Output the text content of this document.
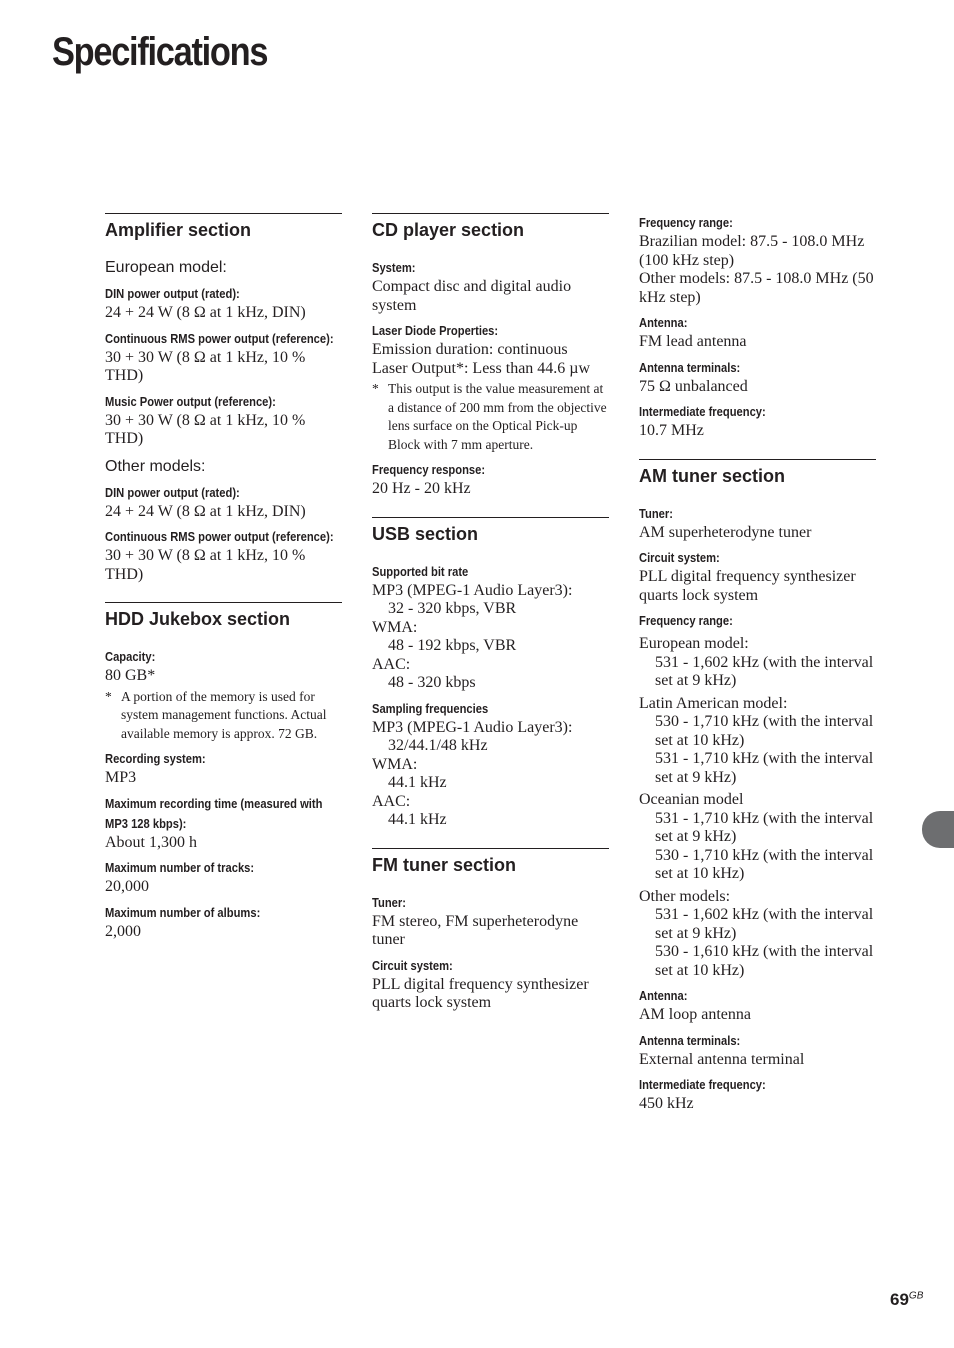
Specifications
Amplifier section
European model:
DIN power output (rated):
24 + 24 W (8 Ω at 1 kHz, DIN)
Continuous RMS power output (reference):
30 + 30 W (8 Ω at 1 kHz, 10 % THD)
Music Power output (reference):
30 + 30 W (8 Ω at 1 kHz, 10 % THD)
Other models:
DIN power output (rated):
24 + 24 W (8 Ω at 1 kHz, DIN)
Continuous RMS power output (reference):
30 + 30 W (8 Ω at 1 kHz, 10 % THD)
HDD Jukebox section
Capacity:
80 GB*
* A portion of the memory is used for system management functions. Actual available memory is approx. 72 GB.
Recording system:
MP3
Maximum recording time (measured with MP3 128 kbps):
About 1,300 h
Maximum number of tracks:
20,000
Maximum number of albums:
2,000
CD player section
System:
Compact disc and digital audio system
Laser Diode Properties:
Emission duration: continuous
Laser Output*: Less than 44.6 µw
* This output is the value measurement at a distance of 200 mm from the objective lens surface on the Optical Pick-up Block with 7 mm aperture.
Frequency response:
20 Hz - 20 kHz
USB section
Supported bit rate
MP3 (MPEG-1 Audio Layer3):
32 - 320 kbps, VBR
WMA:
48 - 192 kbps, VBR
AAC:
48 - 320 kbps
Sampling frequencies
MP3 (MPEG-1 Audio Layer3):
32/44.1/48 kHz
WMA:
44.1 kHz
AAC:
44.1 kHz
FM tuner section
Tuner:
FM stereo, FM superheterodyne tuner
Circuit system:
PLL digital frequency synthesizer quarts lock system
Frequency range:
Brazilian model: 87.5 - 108.0 MHz (100 kHz step)
Other models: 87.5 - 108.0 MHz (50 kHz step)
Antenna:
FM lead antenna
Antenna terminals:
75 Ω unbalanced
Intermediate frequency:
10.7 MHz
AM tuner section
Tuner:
AM superheterodyne tuner
Circuit system:
PLL digital frequency synthesizer quarts lock system
Frequency range:
European model:
531 - 1,602 kHz (with the interval set at 9 kHz)
Latin American model:
530 - 1,710 kHz (with the interval set at 10 kHz)
531 - 1,710 kHz (with the interval set at 9 kHz)
Oceanian model
531 - 1,710 kHz (with the interval set at 9 kHz)
530 - 1,710 kHz (with the interval set at 10 kHz)
Other models:
531 - 1,602 kHz (with the interval set at 9 kHz)
530 - 1,610 kHz (with the interval set at 10 kHz)
Antenna:
AM loop antenna
Antenna terminals:
External antenna terminal
Intermediate frequency:
450 kHz
$69^{GB}$
